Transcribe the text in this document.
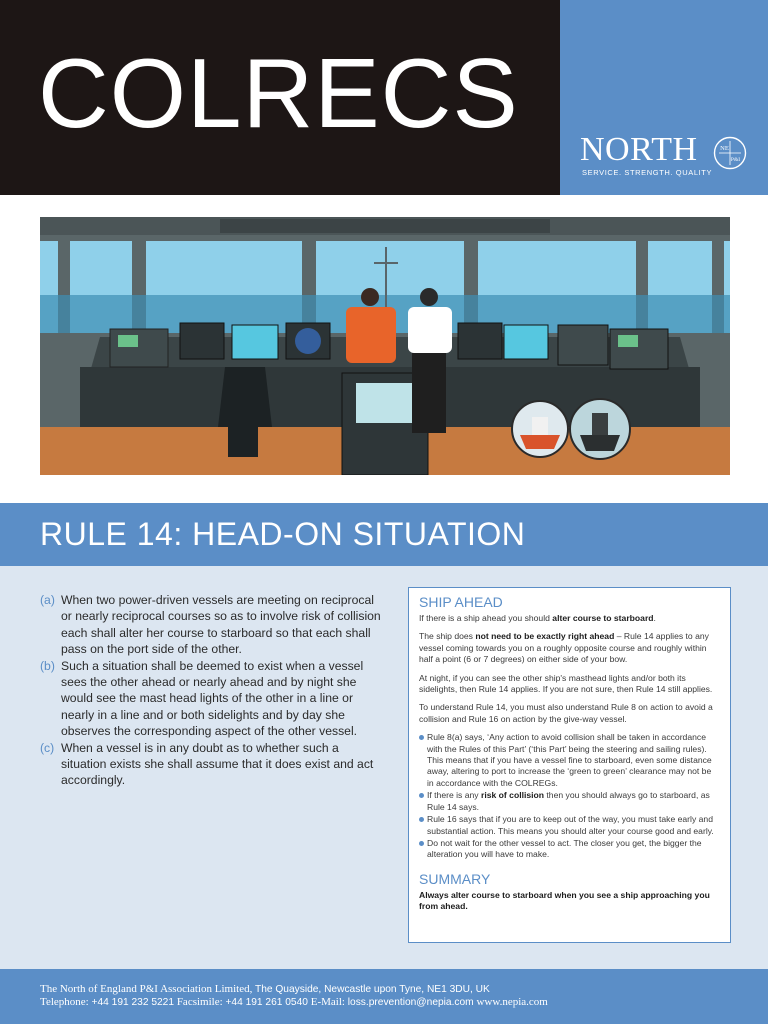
COLRECS
NORTH
SERVICE. STRENGTH. QUALITY
NE
P&I
RULE 14: HEAD-ON SITUATION
(a) When two power-driven vessels are meeting on reciprocal or nearly reciprocal courses so as to involve risk of collision each shall alter her course to starboard so that each shall pass on the port side of the other.
(b) Such a situation shall be deemed to exist when a vessel sees the other ahead or nearly ahead and by night she would see the mast head lights of the other in a line or nearly in a line and or both sidelights and by day she observes the corresponding aspect of the other vessel.
(c) When a vessel is in any doubt as to whether such a situation exists she shall assume that it does exist and act accordingly.
SHIP AHEAD

If there is a ship ahead you should alter course to starboard.

The ship does not need to be exactly right ahead – Rule 14 applies to any vessel coming towards you on a roughly opposite course and roughly within half a point (6 or 7 degrees) on either side of your bow.

At night, if you can see the other ship's masthead lights and/or both its sidelights, then Rule 14 applies. If you are not sure, then Rule 14 still applies.

To understand Rule 14, you must also understand Rule 8 on action to avoid a collision and Rule 16 on action by the give-way vessel.

Rule 8(a) says, ‘Any action to avoid collision shall be taken in accordance with the Rules of this Part’ (‘this Part’ being the steering and sailing rules). This means that if you have a vessel fine to starboard, even some distance away, altering to port to increase the ‘green to green’ clearance may not be in accordance with the COLREGs.
If there is any risk of collision then you should always go to starboard, as Rule 14 says.
Rule 16 says that if you are to keep out of the way, you must take early and substantial action. This means you should alter your course good and early.
Do not wait for the other vessel to act. The closer you get, the bigger the alteration you will have to make.
SUMMARY
Always alter course to starboard when you see a ship approaching you from ahead.
The North of England P&I Association Limited, The Quayside, Newcastle upon Tyne, NE1 3DU, UK
Telephone: +44 191 232 5221 Facsimile: +44 191 261 0540 E-Mail: loss.prevention@nepia.com www.nepia.com
